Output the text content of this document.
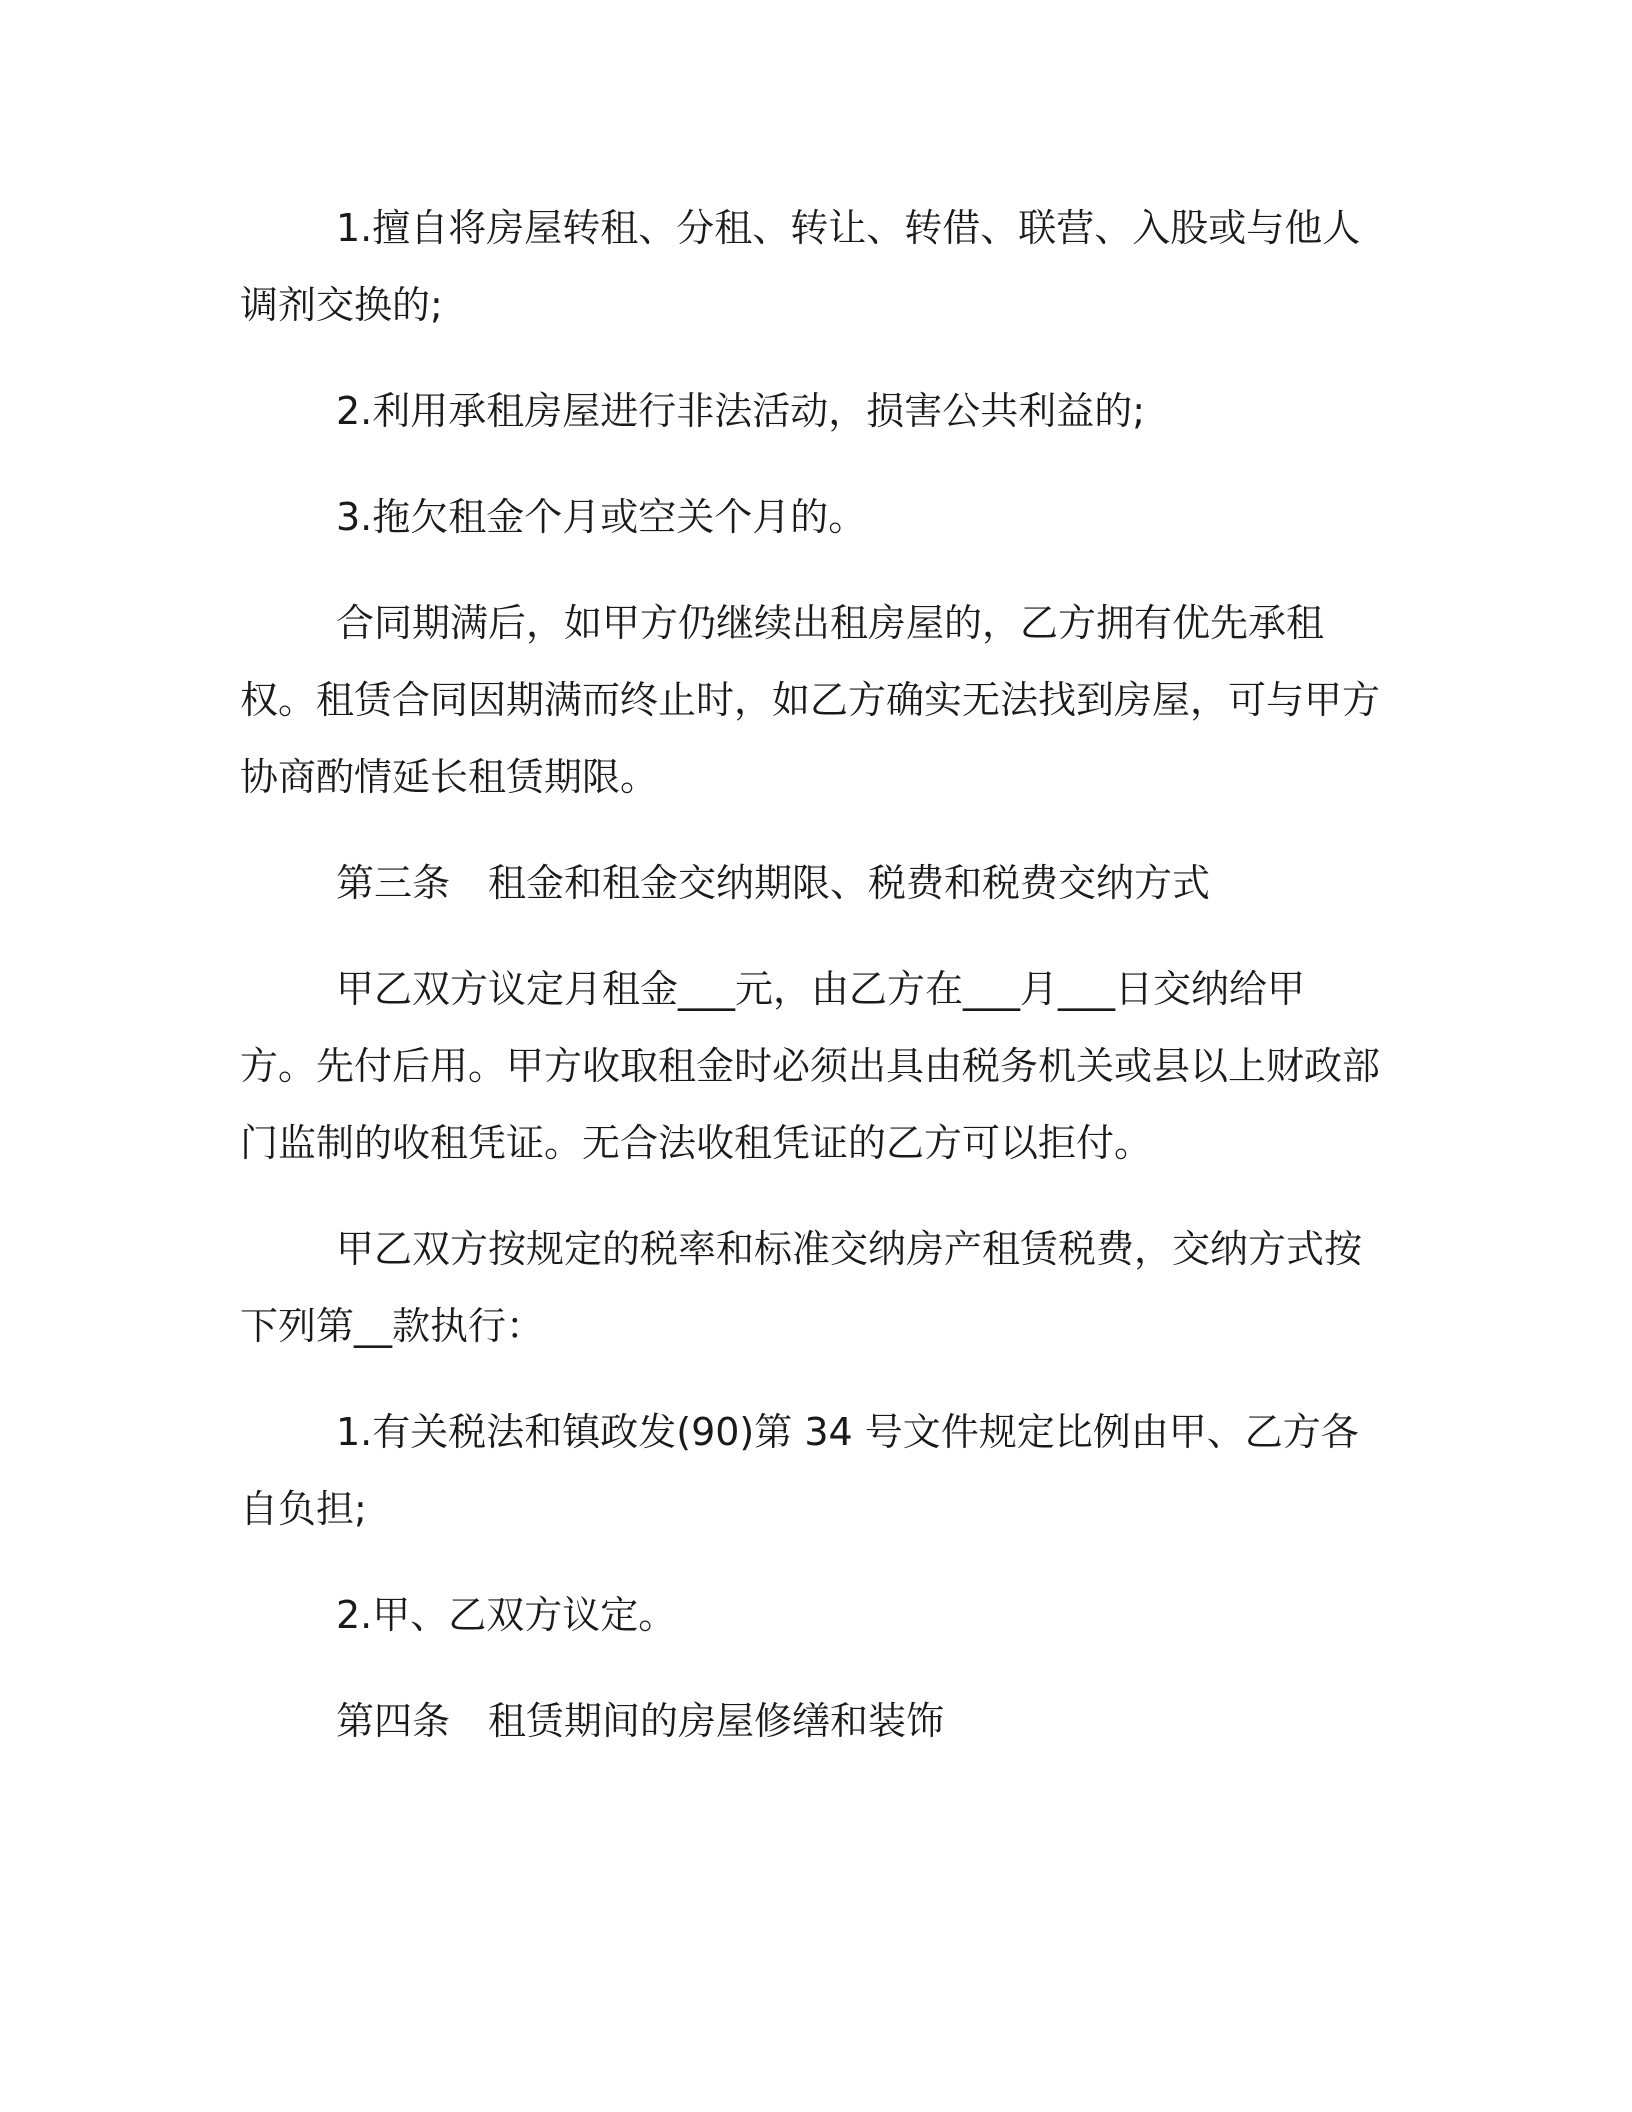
1.擅自将房屋转租、分租、转让、转借、联营、入股或与他人调剂交换的;

2.利用承租房屋进行非法活动，损害公共利益的;

3.拖欠租金个月或空关个月的。

合同期满后，如甲方仍继续出租房屋的，乙方拥有优先承租权。租赁合同因期满而终止时，如乙方确实无法找到房屋，可与甲方协商酌情延长租赁期限。

第三条　租金和租金交纳期限、税费和税费交纳方式

甲乙双方议定月租金___元，由乙方在___月___日交纳给甲方。先付后用。甲方收取租金时必须出具由税务机关或县以上财政部门监制的收租凭证。无合法收租凭证的乙方可以拒付。

甲乙双方按规定的税率和标准交纳房产租赁税费，交纳方式按下列第__款执行：

1.有关税法和镇政发(90)第 34 号文件规定比例由甲、乙方各自负担;

2.甲、乙双方议定。

第四条　租赁期间的房屋修缮和装饰
